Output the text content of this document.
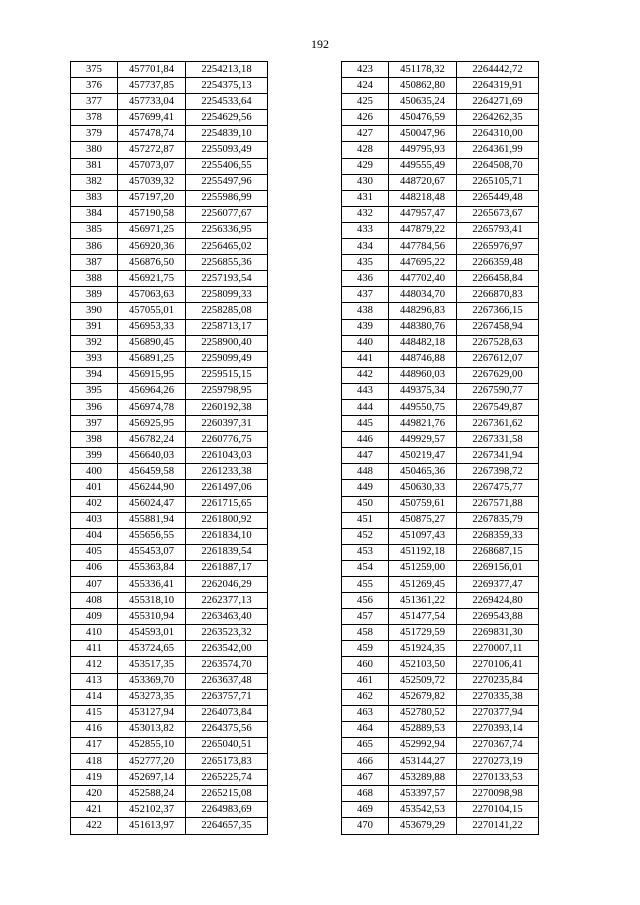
192
375	457701,84	2254213,18
376	457737,85	2254375,13
377	457733,04	2254533,64
378	457699,41	2254629,56
379	457478,74	2254839,10
380	457272,87	2255093,49
381	457073,07	2255406,55
382	457039,32	2255497,96
383	457197,20	2255986,99
384	457190,58	2256077,67
385	456971,25	2256336,95
386	456920,36	2256465,02
387	456876,50	2256855,36
388	456921,75	2257193,54
389	457063,63	2258099,33
390	457055,01	2258285,08
391	456953,33	2258713,17
392	456890,45	2258900,40
393	456891,25	2259099,49
394	456915,95	2259515,15
395	456964,26	2259798,95
396	456974,78	2260192,38
397	456925,95	2260397,31
398	456782,24	2260776,75
399	456640,03	2261043,03
400	456459,58	2261233,38
401	456244,90	2261497,06
402	456024,47	2261715,65
403	455881,94	2261800,92
404	455656,55	2261834,10
405	455453,07	2261839,54
406	455363,84	2261887,17
407	455336,41	2262046,29
408	455318,10	2262377,13
409	455310,94	2263463,40
410	454593,01	2263523,32
411	453724,65	2263542,00
412	453517,35	2263574,70
413	453369,70	2263637,48
414	453273,35	2263757,71
415	453127,94	2264073,84
416	453013,82	2264375,56
417	452855,10	2265040,51
418	452777,20	2265173,83
419	452697,14	2265225,74
420	452588,24	2265215,08
421	452102,37	2264983,69
422	451613,97	2264657,35
423	451178,32	2264442,72
424	450862,80	2264319,91
425	450635,24	2264271,69
426	450476,59	2264262,35
427	450047,96	2264310,00
428	449795,93	2264361,99
429	449555,49	2264508,70
430	448720,67	2265105,71
431	448218,48	2265449,48
432	447957,47	2265673,67
433	447879,22	2265793,41
434	447784,56	2265976,97
435	447695,22	2266359,48
436	447702,40	2266458,84
437	448034,70	2266870,83
438	448296,83	2267366,15
439	448380,76	2267458,94
440	448482,18	2267528,63
441	448746,88	2267612,07
442	448960,03	2267629,00
443	449375,34	2267590,77
444	449550,75	2267549,87
445	449821,76	2267361,62
446	449929,57	2267331,58
447	450219,47	2267341,94
448	450465,36	2267398,72
449	450630,33	2267475,77
450	450759,61	2267571,88
451	450875,27	2267835,79
452	451097,43	2268359,33
453	451192,18	2268687,15
454	451259,00	2269156,01
455	451269,45	2269377,47
456	451361,22	2269424,80
457	451477,54	2269543,88
458	451729,59	2269831,30
459	451924,35	2270007,11
460	452103,50	2270106,41
461	452509,72	2270235,84
462	452679,82	2270335,38
463	452780,52	2270377,94
464	452889,53	2270393,14
465	452992,94	2270367,74
466	453144,27	2270273,19
467	453289,88	2270133,53
468	453397,57	2270098,98
469	453542,53	2270104,15
470	453679,29	2270141,22
